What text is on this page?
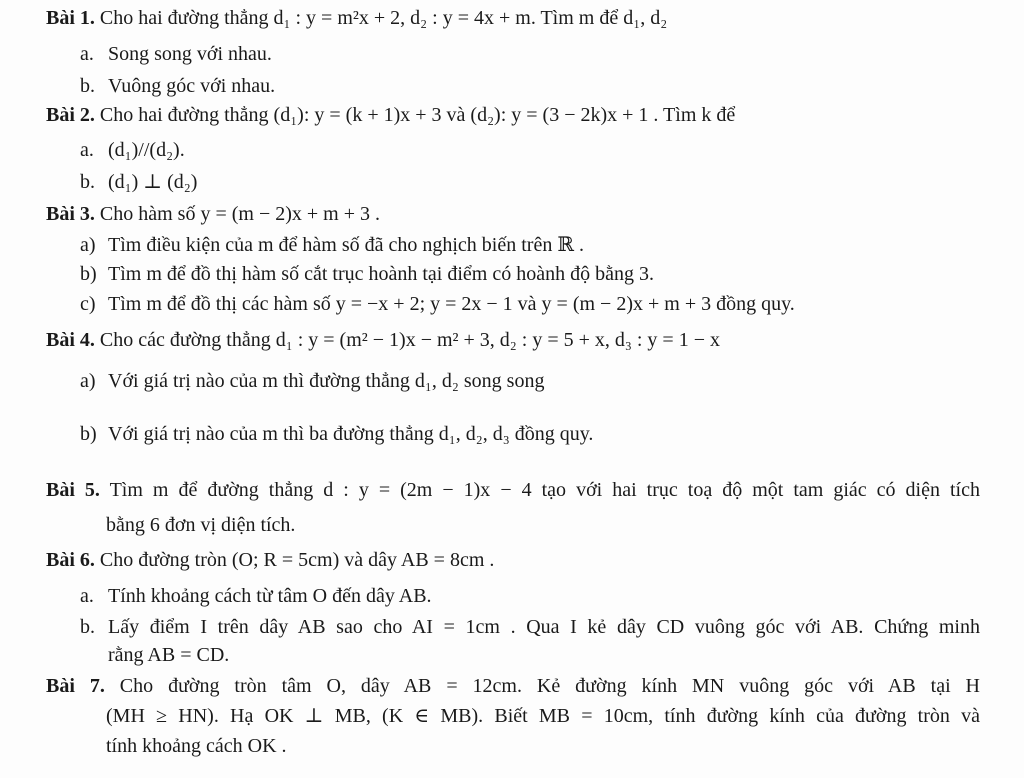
Bài 1. Cho hai đường thẳng d₁ : y = m²x + 2, d₂ : y = 4x + m. Tìm m để d₁, d₂
a. Song song với nhau.
b. Vuông góc với nhau.
Bài 2. Cho hai đường thẳng (d₁): y = (k + 1)x + 3 và (d₂): y = (3 − 2k)x + 1 . Tìm k để
a. (d₁)//(d₂).
b. (d₁) ⊥ (d₂)
Bài 3. Cho hàm số y = (m − 2)x + m + 3 .
a) Tìm điều kiện của m để hàm số đã cho nghịch biến trên ℝ .
b) Tìm m để đồ thị hàm số cắt trục hoành tại điểm có hoành độ bằng 3.
c) Tìm m để đồ thị các hàm số y = −x + 2; y = 2x − 1 và y = (m − 2)x + m + 3 đồng quy.
Bài 4. Cho các đường thẳng d₁ : y = (m² − 1)x − m² + 3, d₂ : y = 5 + x, d₃ : y = 1 − x
a) Với giá trị nào của m thì đường thẳng d₁, d₂ song song
b) Với giá trị nào của m thì ba đường thẳng d₁, d₂, d₃ đồng quy.
Bài 5. Tìm m để đường thẳng d : y = (2m − 1)x − 4 tạo với hai trục toạ độ một tam giác có diện tích
bằng 6 đơn vị diện tích.
Bài 6. Cho đường tròn (O; R = 5cm) và dây AB = 8cm .
a. Tính khoảng cách từ tâm O đến dây AB.
b. Lấy điểm I trên dây AB sao cho AI = 1cm . Qua I kẻ dây CD vuông góc với AB. Chứng minh
rằng AB = CD.
Bài 7. Cho đường tròn tâm O, dây AB = 12cm. Kẻ đường kính MN vuông góc với AB tại H
(MH ≥ HN). Hạ OK ⊥ MB, (K ∈ MB). Biết MB = 10cm, tính đường kính của đường tròn và
tính khoảng cách OK .
